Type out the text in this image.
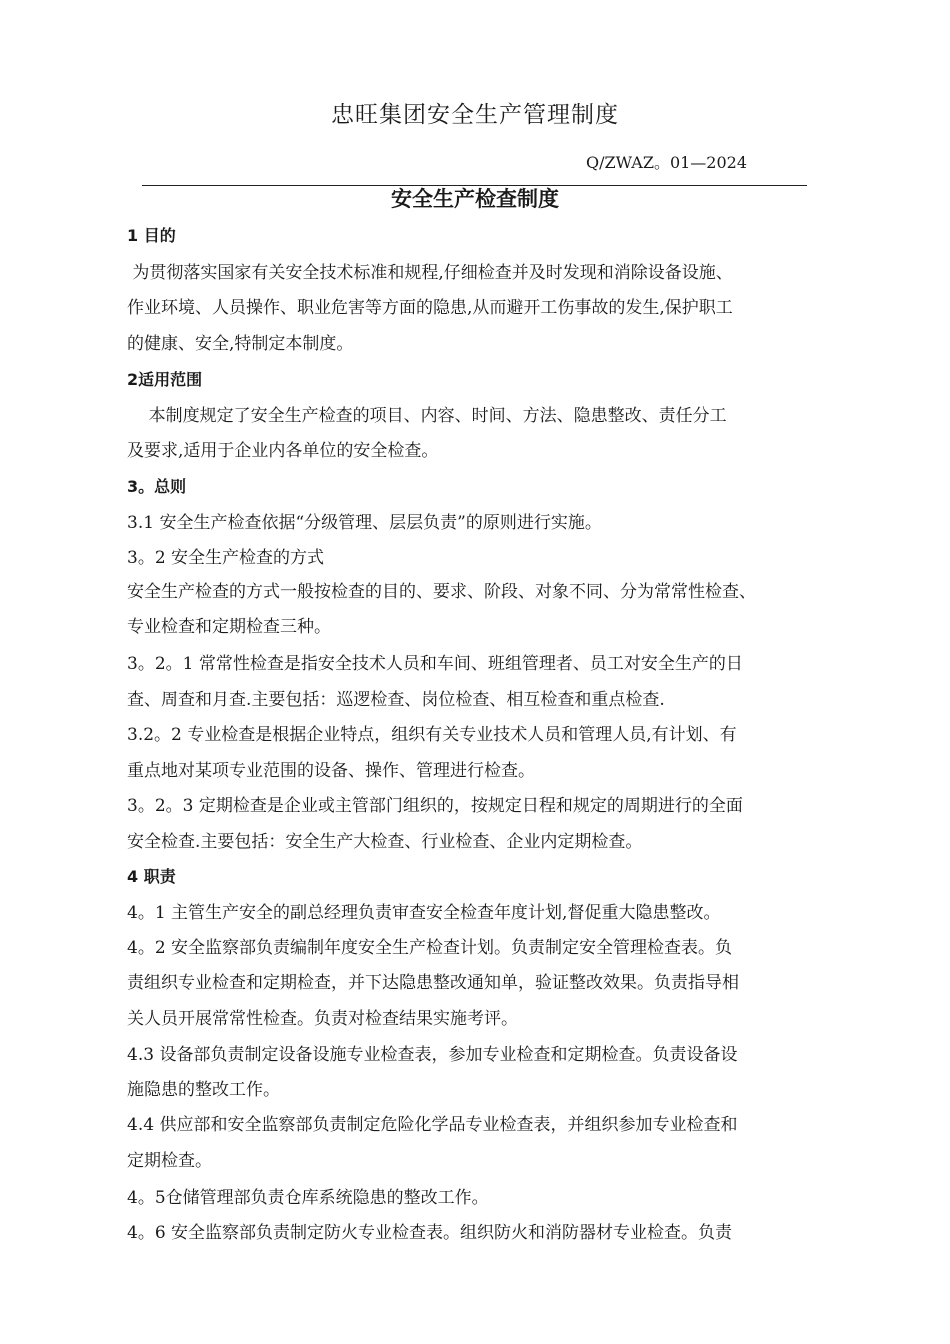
忠旺集团安全生产管理制度
Q/ZWAZ。01—2024
安全生产检查制度
1 目的
为贯彻落实国家有关安全技术标准和规程,仔细检查并及时发现和消除设备设施、
作业环境、人员操作、职业危害等方面的隐患,从而避开工伤事故的发生,保护职工
的健康、安全,特制定本制度。
2适用范围
本制度规定了安全生产检查的项目、内容、时间、方法、隐患整改、责任分工
及要求,适用于企业内各单位的安全检查。
3。总则
3.1 安全生产检查依据“分级管理、层层负责”的原则进行实施。
3。2 安全生产检查的方式
安全生产检查的方式一般按检查的目的、要求、阶段、对象不同、分为常常性检查、
专业检查和定期检查三种。
3。2。1 常常性检查是指安全技术人员和车间、班组管理者、员工对安全生产的日
查、周查和月查.主要包括：巡逻检查、岗位检查、相互检查和重点检查.
3.2。2 专业检查是根据企业特点，组织有关专业技术人员和管理人员,有计划、有
重点地对某项专业范围的设备、操作、管理进行检查。
3。2。3 定期检查是企业或主管部门组织的，按规定日程和规定的周期进行的全面
安全检查.主要包括：安全生产大检查、行业检查、企业内定期检查。
4 职责
4。1 主管生产安全的副总经理负责审查安全检查年度计划,督促重大隐患整改。
4。2 安全监察部负责编制年度安全生产检查计划。负责制定安全管理检查表。负
责组织专业检查和定期检查，并下达隐患整改通知单，验证整改效果。负责指导相
关人员开展常常性检查。负责对检查结果实施考评。
4.3 设备部负责制定设备设施专业检查表，参加专业检查和定期检查。负责设备设
施隐患的整改工作。
4.4 供应部和安全监察部负责制定危险化学品专业检查表，并组织参加专业检查和
定期检查。
4。5仓储管理部负责仓库系统隐患的整改工作。
4。6 安全监察部负责制定防火专业检查表。组织防火和消防器材专业检查。负责
